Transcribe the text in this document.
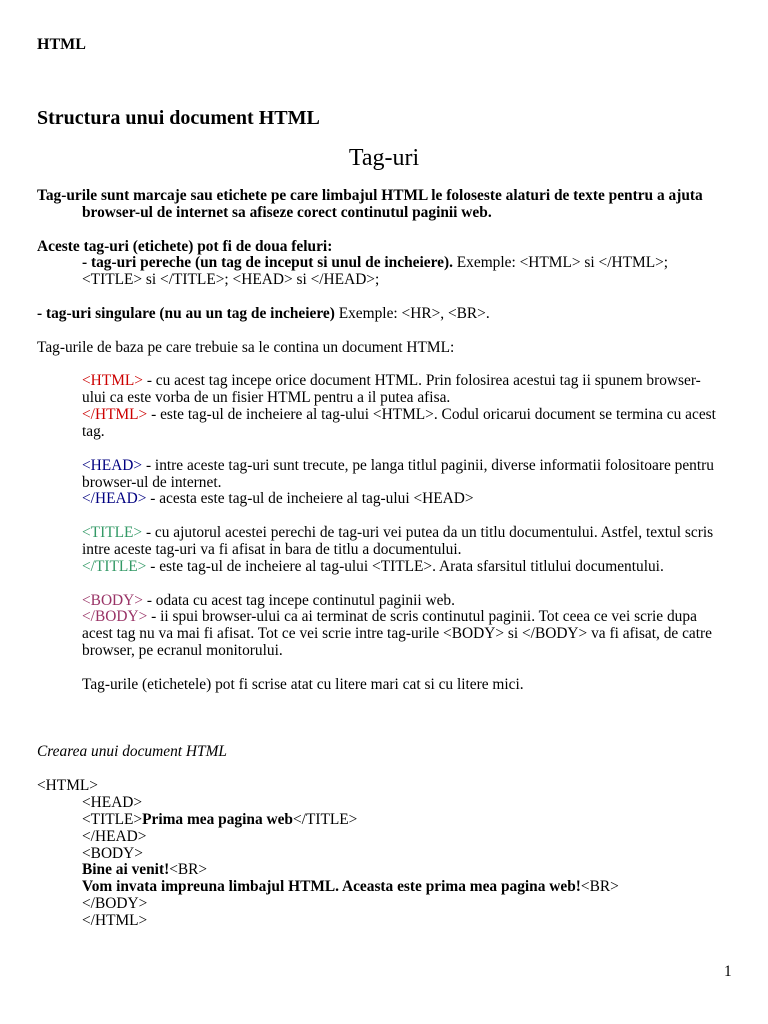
HTML
Structura unui document HTML
Tag-uri
Tag-urile sunt marcaje sau etichete pe care limbajul HTML le foloseste alaturi de texte pentru a ajuta
browser-ul de internet sa afiseze corect continutul paginii web.
Aceste tag-uri (etichete) pot fi de doua feluri:
- tag-uri pereche (un tag de inceput si unul de incheiere). Exemple: <HTML> si </HTML>;
<TITLE> si </TITLE>; <HEAD> si </HEAD>;
- tag-uri singulare (nu au un tag de incheiere) Exemple: <HR>, <BR>.
Tag-urile de baza pe care trebuie sa le contina un document HTML:
<HTML> - cu acest tag incepe orice document HTML. Prin folosirea acestui tag ii spunem browser-
ului ca este vorba de un fisier HTML pentru a il putea afisa.
</HTML> - este tag-ul de incheiere al tag-ului <HTML>. Codul oricarui document se termina cu acest
tag.
<HEAD> - intre aceste tag-uri sunt trecute, pe langa titlul paginii, diverse informatii folositoare pentru
browser-ul de internet.
</HEAD> - acesta este tag-ul de incheiere al tag-ului <HEAD>
<TITLE> - cu ajutorul acestei perechi de tag-uri vei putea da un titlu documentului. Astfel, textul scris
intre aceste tag-uri va fi afisat in bara de titlu a documentului.
</TITLE> - este tag-ul de incheiere al tag-ului <TITLE>. Arata sfarsitul titlului documentului.
<BODY> - odata cu acest tag incepe continutul paginii web.
</BODY> - ii spui browser-ului ca ai terminat de scris continutul paginii. Tot ceea ce vei scrie dupa
acest tag nu va mai fi afisat. Tot ce vei scrie intre tag-urile <BODY> si </BODY> va fi afisat, de catre
browser, pe ecranul monitorului.
Tag-urile (etichetele) pot fi scrise atat cu litere mari cat si cu litere mici.
Crearea unui document HTML
<HTML>
<HEAD>
<TITLE>Prima mea pagina web</TITLE>
</HEAD>
<BODY>
Bine ai venit!<BR>
Vom invata impreuna limbajul HTML. Aceasta este prima mea pagina web!<BR>
</BODY>
</HTML>
1
